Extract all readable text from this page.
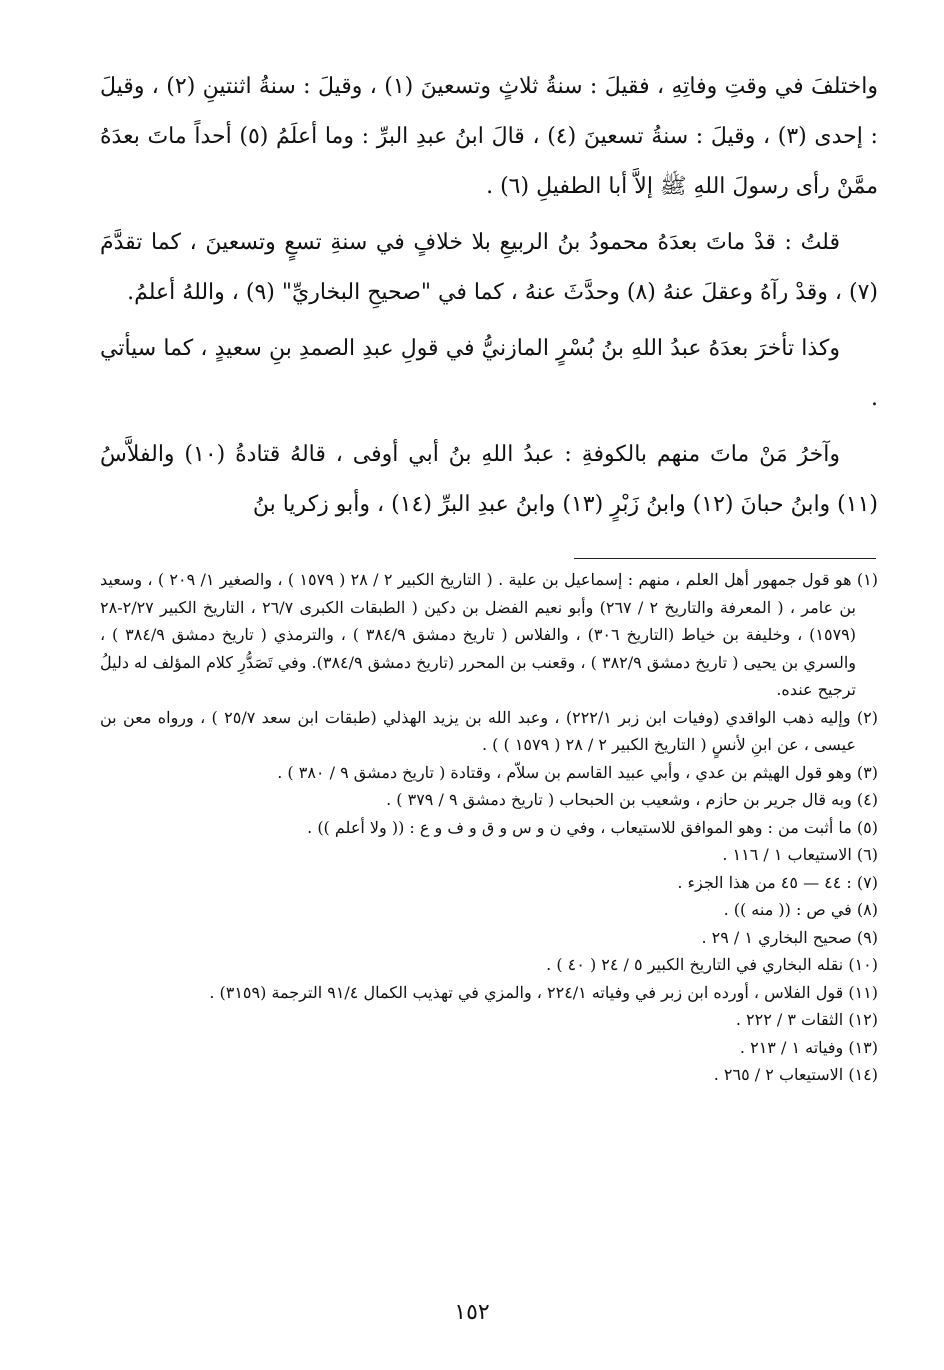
واختلفَ في وقتِ وفاتِهِ ، فقيلَ : سنةُ ثلاثٍ وتسعينَ (١) ، وقيلَ : سنةُ اثنتينِ (٢) ، وقيلَ : إحدى (٣) ، وقيلَ : سنةُ تسعينَ (٤) ، قالَ ابنُ عبدِ البرِّ : وما أعلَمُ (٥) أحداً ماتَ بعدَهُ ممَّنْ رأى رسولَ اللهِ ﷺ إلاَّ أبا الطفيلِ (٦) .

قلتُ : قدْ ماتَ بعدَهُ محمودُ بنُ الربيعِ بلا خلافٍ في سنةِ تسعٍ وتسعينَ ، كما تقدَّمَ (٧) ، وقدْ رآهُ وعقلَ عنهُ (٨) وحدَّثَ عنهُ ، كما في "صحيحِ البخاريِّ" (٩) ، واللهُ أعلمُ.

وكذا تأخرَ بعدَهُ عبدُ اللهِ بنُ بُسْرٍ المازنيُّ في قولِ عبدِ الصمدِ بنِ سعيدٍ ، كما سيأتي .

وآخرُ مَنْ ماتَ منهم بالكوفةِ : عبدُ اللهِ بنُ أبي أوفى ، قالهُ قتادةُ (١٠) والفلاَّسُ (١١) وابنُ حبانَ (١٢) وابنُ زَبْرٍ (١٣) وابنُ عبدِ البرِّ (١٤) ، وأبو زكريا بنُ

(١) هو قول جمهور أهل العلم ، منهم : إسماعيل بن علية . ( التاريخ الكبير ٢ / ٢٨ ( ١٥٧٩ ) ، والصغير ١/ ٢٠٩ ) ، وسعيد بن عامر ، ( المعرفة والتاريخ ٢ / ٢٦٧) وأبو نعيم الفضل بن دكين ( الطبقات الكبرى ٢٦/٧ ، التاريخ الكبير ٢/٢٧-٢٨ (١٥٧٩) ، وخليفة بن خياط (التاريخ ٣٠٦) ، والفلاس ( تاريخ دمشق ٣٨٤/٩ ) ، والترمذي ( تاريخ دمشق ٣٨٤/٩ ) ، والسري بن يحيى ( تاريخ دمشق ٣٨٢/٩ ) ، وقعنب بن المحرر (تاريخ دمشق ٣٨٤/٩). وفي تَصَدُّرِ كلام المؤلف له دليلُ ترجيح عنده.

(٢) وإليه ذهب الواقدي (وفيات ابن زبر ٢٢٢/١) ، وعبد الله بن يزيد الهذلي (طبقات ابن سعد ٢٥/٧ ) ، ورواه معن بن عيسى ، عن ابنِ لأنسٍ ( التاريخ الكبير ٢ / ٢٨ ( ١٥٧٩ ) ) .

(٣) وهو قول الهيثم بن عدي ، وأبي عبيد القاسم بن سلاّم ، وقتادة ( تاريخ دمشق ٩ / ٣٨٠ ) .

(٤) وبه قال جرير بن حازم ، وشعيب بن الحبحاب ( تاريخ دمشق ٩ / ٣٧٩ ) .

(٥) ما أثبت من : وهو الموافق للاستيعاب ، وفي ن و س و ق و ف و ع : (( ولا أعلم )) .

(٦) الاستيعاب ١ / ١١٦ .

(٧) : ٤٤ — ٤٥ من هذا الجزء .

(٨) في ص : (( منه )) .

(٩) صحيح البخاري ١ / ٢٩ .

(١٠) نقله البخاري في التاريخ الكبير ٥ / ٢٤ ( ٤٠ ) .

(١١) قول الفلاس ، أورده ابن زبر في وفياته ٢٢٤/١ ، والمزي في تهذيب الكمال ٩١/٤ الترجمة (٣١٥٩) .

(١٢) الثقات ٣ / ٢٢٢ .

(١٣) وفياته ١ / ٢١٣ .

(١٤) الاستيعاب ٢ / ٢٦٥ .

١٥٢
